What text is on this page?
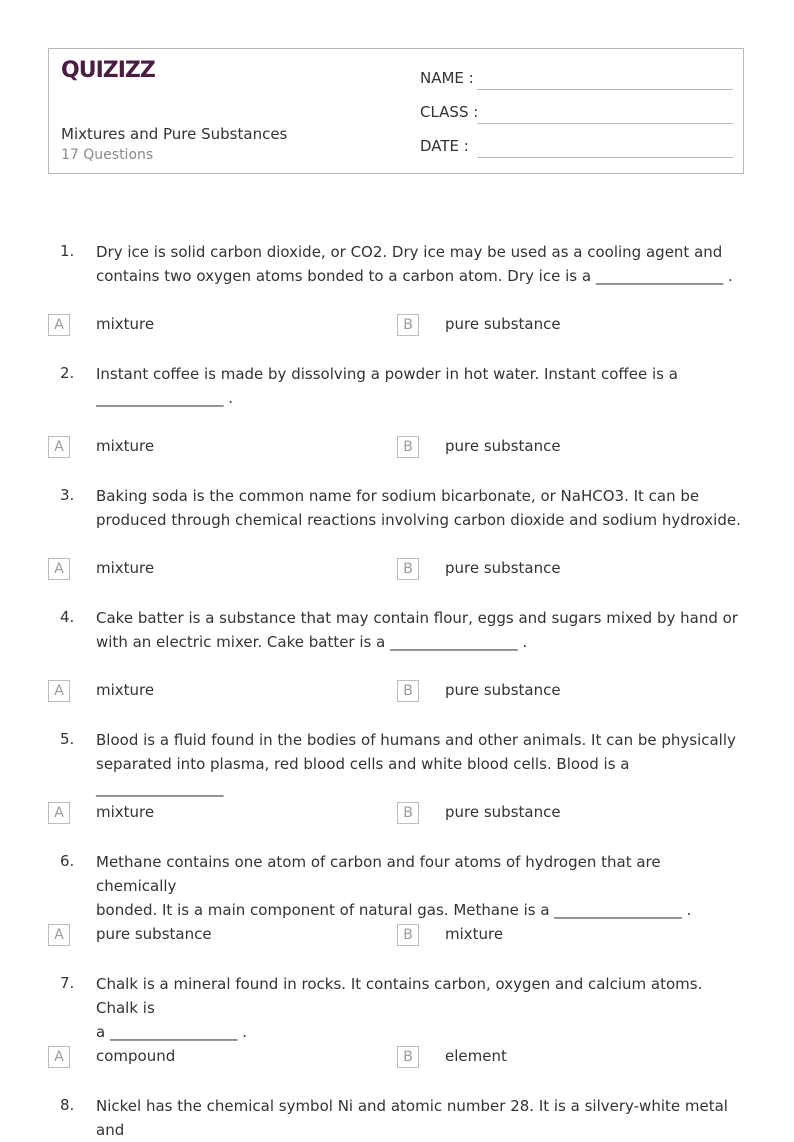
QUIZIZZ
Mixtures and Pure Substances
17 Questions
NAME :
CLASS :
DATE :
1. Dry ice is solid carbon dioxide, or CO2. Dry ice may be used as a cooling agent and
contains two oxygen atoms bonded to a carbon atom. Dry ice is a _________________ .
A	mixture	B	pure substance
2. Instant coffee is made by dissolving a powder in hot water. Instant coffee is a
_________________ .
A	mixture	B	pure substance
3. Baking soda is the common name for sodium bicarbonate, or NaHCO3. It can be
produced through chemical reactions involving carbon dioxide and sodium hydroxide.
A	mixture	B	pure substance
4. Cake batter is a substance that may contain flour, eggs and sugars mixed by hand or
with an electric mixer. Cake batter is a _________________ .
A	mixture	B	pure substance
5. Blood is a fluid found in the bodies of humans and other animals. It can be physically
separated into plasma, red blood cells and white blood cells. Blood is a _________________
A	mixture	B	pure substance
6. Methane contains one atom of carbon and four atoms of hydrogen that are chemically
bonded. It is a main component of natural gas. Methane is a _________________ .
A	pure substance	B	mixture
7. Chalk is a mineral found in rocks. It contains carbon, oxygen and calcium atoms. Chalk is
a _________________ .
A	compound	B	element
8. Nickel has the chemical symbol Ni and atomic number 28. It is a silvery-white metal and
